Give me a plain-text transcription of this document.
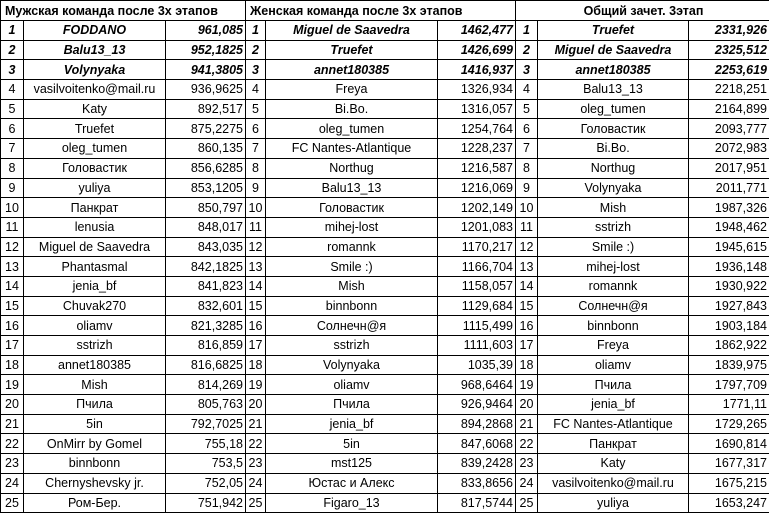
Мужская команда после 3х этапов			Женская команда после 3х этапов			Общий зачет. 3этап		
1	FODDANO	961,085	1	Miguel de Saavedra	1462,477	1	Truefet	2331,926
2	Balu13_13	952,1825	2	Truefet	1426,699	2	Miguel de Saavedra	2325,512
3	Volynyaka	941,3805	3	annet180385	1416,937	3	annet180385	2253,619
4	vasilvoitenko@mail.ru	936,9625	4	Freya	1326,934	4	Balu13_13	2218,251
5	Katy	892,517	5	Bi.Bo.	1316,057	5	oleg_tumen	2164,899
6	Truefet	875,2275	6	oleg_tumen	1254,764	6	Головастик	2093,777
7	oleg_tumen	860,135	7	FC Nantes-Atlantique	1228,237	7	Bi.Bo.	2072,983
8	Головастик	856,6285	8	Northug	1216,587	8	Northug	2017,951
9	yuliya	853,1205	9	Balu13_13	1216,069	9	Volynyaka	2011,771
10	Панкрат	850,797	10	Головастик	1202,149	10	Mish	1987,326
11	lenusia	848,017	11	mihej-lost	1201,083	11	sstrizh	1948,462
12	Miguel de Saavedra	843,035	12	romannk	1170,217	12	Smile :)	1945,615
13	Phantasmal	842,1825	13	Smile :)	1166,704	13	mihej-lost	1936,148
14	jenia_bf	841,823	14	Mish	1158,057	14	romannk	1930,922
15	Chuvak270	832,601	15	binnbonn	1129,684	15	Солнечн@я	1927,843
16	oliamv	821,3285	16	Солнечн@я	1115,499	16	binnbonn	1903,184
17	sstrizh	816,859	17	sstrizh	1111,603	17	Freya	1862,922
18	annet180385	816,6825	18	Volynyaka	1035,39	18	oliamv	1839,975
19	Mish	814,269	19	oliamv	968,6464	19	Пчила	1797,709
20	Пчила	805,763	20	Пчила	926,9464	20	jenia_bf	1771,11
21	5in	792,7025	21	jenia_bf	894,2868	21	FC Nantes-Atlantique	1729,265
22	OnMirr by Gomel	755,18	22	5in	847,6068	22	Панкрат	1690,814
23	binnbonn	753,5	23	mst125	839,2428	23	Katy	1677,317
24	Chernyshevsky jr.	752,05	24	Юстас и Алекс	833,8656	24	vasilvoitenko@mail.ru	1675,215
25	Ром-Бер.	751,942	25	Figaro_13	817,5744	25	yuliya	1653,247
